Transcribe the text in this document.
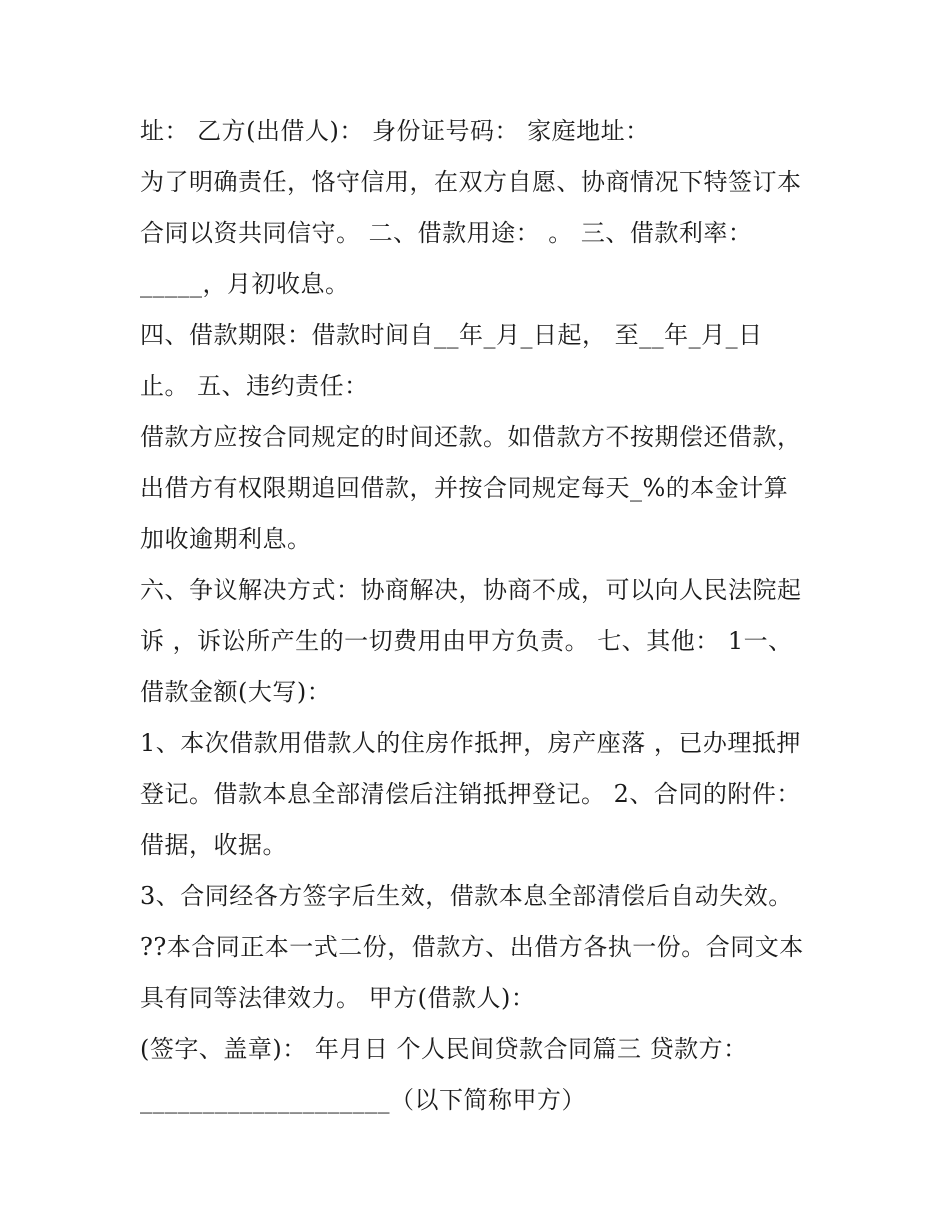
址： 乙方(出借人)： 身份证号码： 家庭地址：
为了明确责任，恪守信用，在双方自愿、协商情况下特签订本
合同以资共同信守。 二、借款用途： 。 三、借款利率：
_____，月初收息。
四、借款期限：借款时间自__年_月_日起， 至__年_月_日
止。 五、违约责任：
借款方应按合同规定的时间还款。如借款方不按期偿还借款，
出借方有权限期追回借款，并按合同规定每天_%的本金计算
加收逾期利息。
六、争议解决方式：协商解决，协商不成，可以向人民法院起
诉 ，诉讼所产生的一切费用由甲方负责。 七、其他： 1一、
借款金额(大写)：
1、本次借款用借款人的住房作抵押，房产座落 ，已办理抵押
登记。借款本息全部清偿后注销抵押登记。 2、合同的附件：
借据，收据。
3、合同经各方签字后生效，借款本息全部清偿后自动失效。
??本合同正本一式二份，借款方、出借方各执一份。合同文本
具有同等法律效力。 甲方(借款人)：
(签字、盖章)： 年月日 个人民间贷款合同篇三 贷款方：
____________________（以下简称甲方）
